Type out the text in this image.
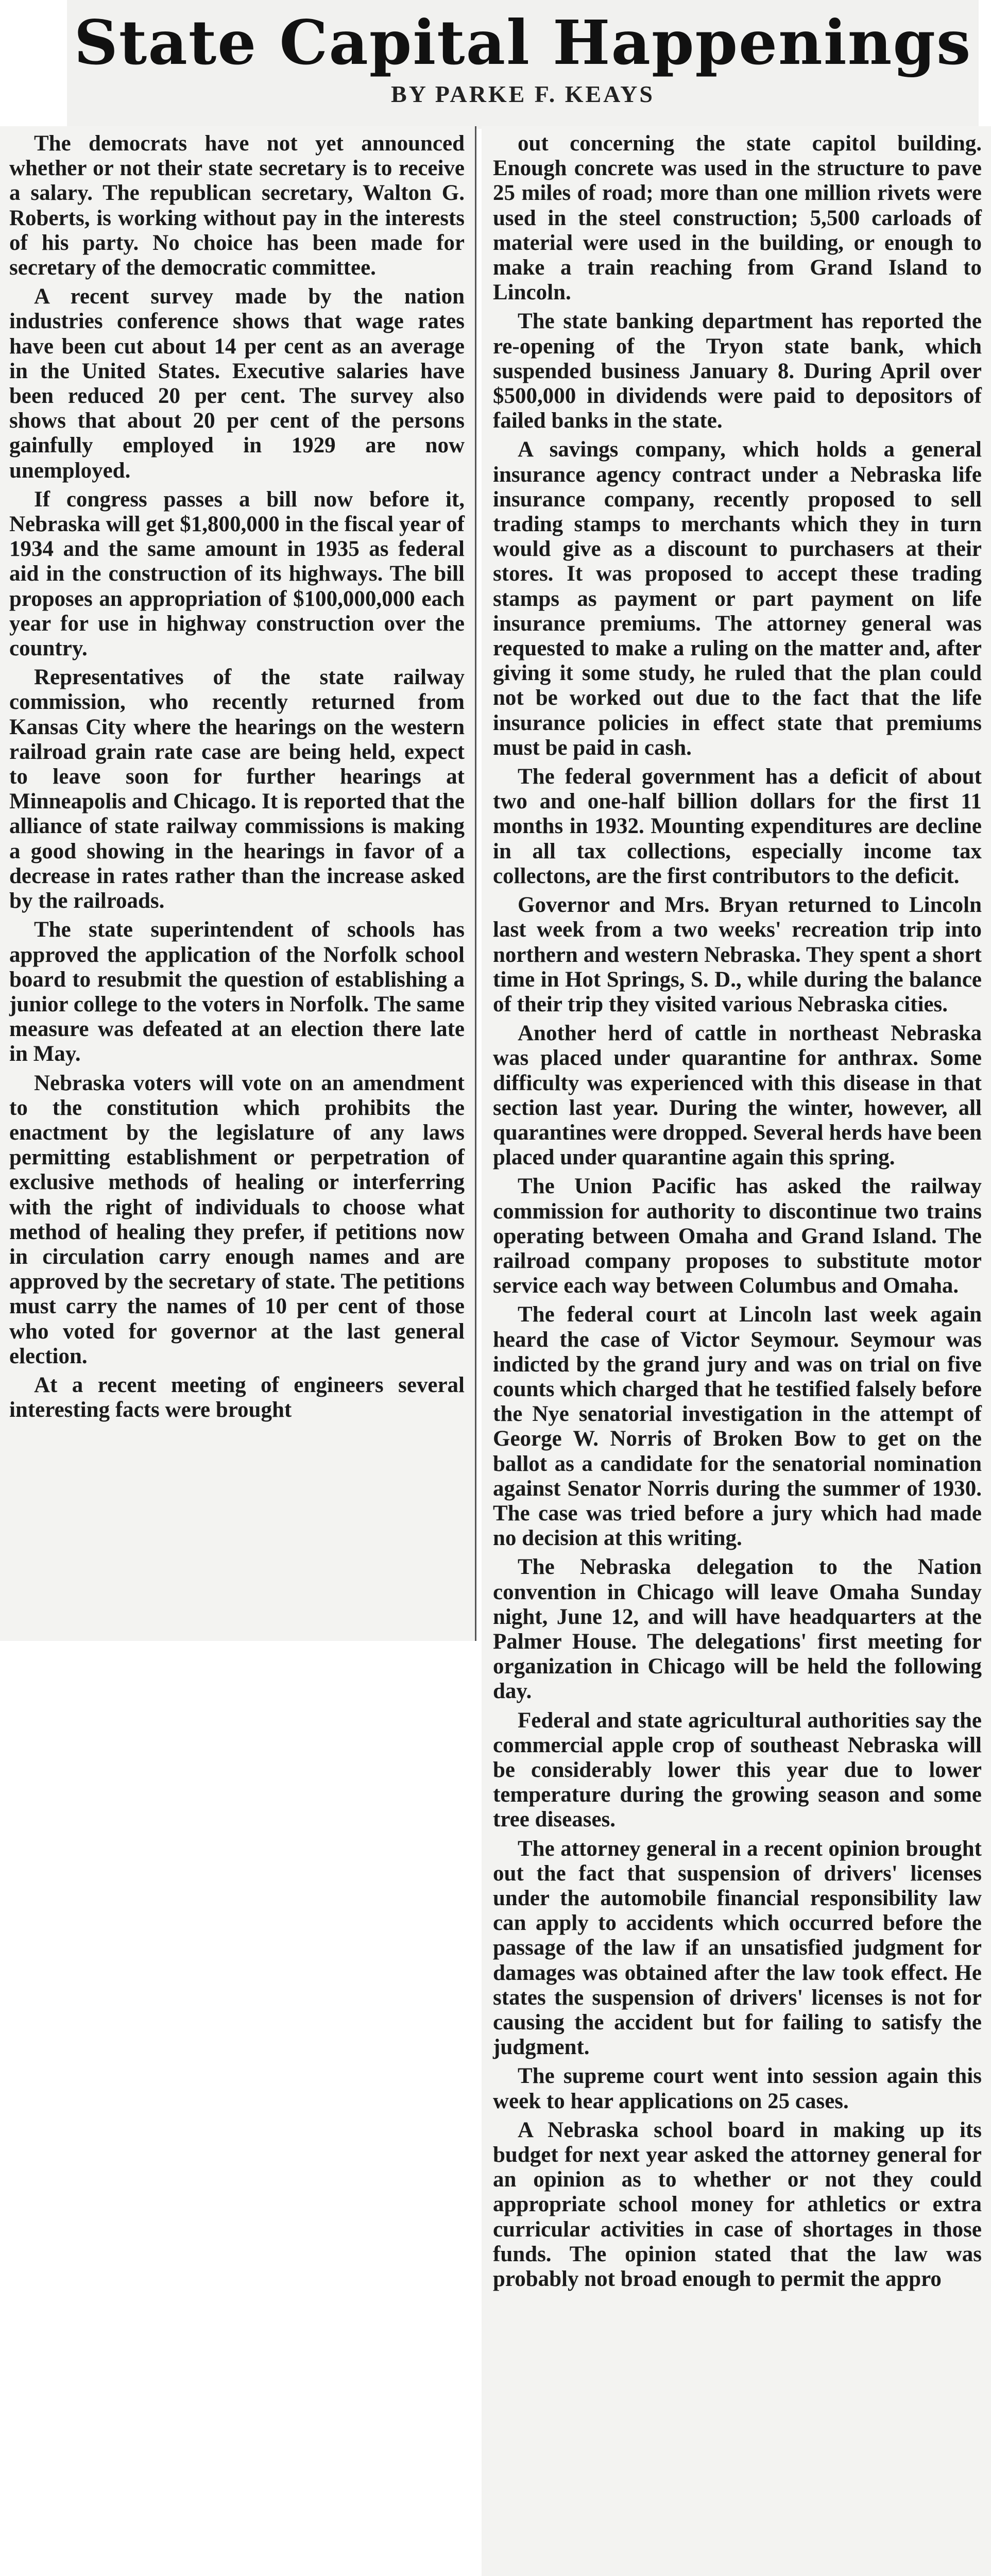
State Capital Happenings
BY PARKE F. KEAYS

The democrats have not yet announced whether or not their state secretary is to receive a salary. The republican secretary, Walton G. Roberts, is working without pay in the interests of his party. No choice has been made for secretary of the democratic committee.

A recent survey made by the nation industries conference shows that wage rates have been cut about 14 per cent as an average in the United States. Executive salaries have been reduced 20 per cent. The survey also shows that about 20 per cent of the persons gainfully employed in 1929 are now unemployed.

If congress passes a bill now before it, Nebraska will get $1,800,000 in the fiscal year of 1934 and the same amount in 1935 as federal aid in the construction of its highways. The bill proposes an appropriation of $100,000,000 each year for use in highway construction over the country.

Representatives of the state railway commission, who recently returned from Kansas City where the hearings on the western railroad grain rate case are being held, expect to leave soon for further hearings at Minneapolis and Chicago. It is reported that the alliance of state railway commissions is making a good showing in the hearings in favor of a decrease in rates rather than the increase asked by the railroads.

The state superintendent of schools has approved the application of the Norfolk school board to resubmit the question of establishing a junior college to the voters in Norfolk. The same measure was defeated at an election there late in May.

Nebraska voters will vote on an amendment to the constitution which prohibits the enactment by the legislature of any laws permitting establishment or perpetration of exclusive methods of healing or interferring with the right of individuals to choose what method of healing they prefer, if petitions now in circulation carry enough names and are approved by the secretary of state. The petitions must carry the names of 10 per cent of those who voted for governor at the last general election.

At a recent meeting of engineers several interesting facts were brought

out concerning the state capitol building. Enough concrete was used in the structure to pave 25 miles of road; more than one million rivets were used in the steel construction; 5,500 carloads of material were used in the building, or enough to make a train reaching from Grand Island to Lincoln.

The state banking department has reported the re-opening of the Tryon state bank, which suspended business January 8. During April over $500,000 in dividends were paid to depositors of failed banks in the state.

A savings company, which holds a general insurance agency contract under a Nebraska life insurance company, recently proposed to sell trading stamps to merchants which they in turn would give as a discount to purchasers at their stores. It was proposed to accept these trading stamps as payment or part payment on life insurance premiums. The attorney general was requested to make a ruling on the matter and, after giving it some study, he ruled that the plan could not be worked out due to the fact that the life insurance policies in effect state that premiums must be paid in cash.

The federal government has a deficit of about two and one-half billion dollars for the first 11 months in 1932. Mounting expenditures are decline in all tax collections, especially income tax collectons, are the first contributors to the deficit.

Governor and Mrs. Bryan returned to Lincoln last week from a two weeks' recreation trip into northern and western Nebraska. They spent a short time in Hot Springs, S. D., while during the balance of their trip they visited various Nebraska cities.

Another herd of cattle in northeast Nebraska was placed under quarantine for anthrax. Some difficulty was experienced with this disease in that section last year. During the winter, however, all quarantines were dropped. Several herds have been placed under quarantine again this spring.

The Union Pacific has asked the railway commission for authority to discontinue two trains operating between Omaha and Grand Island. The railroad company proposes to substitute motor service each way between Columbus and Omaha.

The federal court at Lincoln last week again heard the case of Victor Seymour. Seymour was indicted by the grand jury and was on trial on five counts which charged that he testified falsely before the Nye senatorial investigation in the attempt of George W. Norris of Broken Bow to get on the ballot as a candidate for the senatorial nomination against Senator Norris during the summer of 1930. The case was tried before a jury which had made no decision at this writing.

The Nebraska delegation to the Nation convention in Chicago will leave Omaha Sunday night, June 12, and will have headquarters at the Palmer House. The delegations' first meeting for organization in Chicago will be held the following day.

Federal and state agricultural authorities say the commercial apple crop of southeast Nebraska will be considerably lower this year due to lower temperature during the growing season and some tree diseases.

The attorney general in a recent opinion brought out the fact that suspension of drivers' licenses under the automobile financial responsibility law can apply to accidents which occurred before the passage of the law if an unsatisfied judgment for damages was obtained after the law took effect. He states the suspension of drivers' licenses is not for causing the accident but for failing to satisfy the judgment.

The supreme court went into session again this week to hear applications on 25 cases.

A Nebraska school board in making up its budget for next year asked the attorney general for an opinion as to whether or not they could appropriate school money for athletics or extra curricular activities in case of shortages in those funds. The opinion stated that the law was probably not broad enough to permit the appro
